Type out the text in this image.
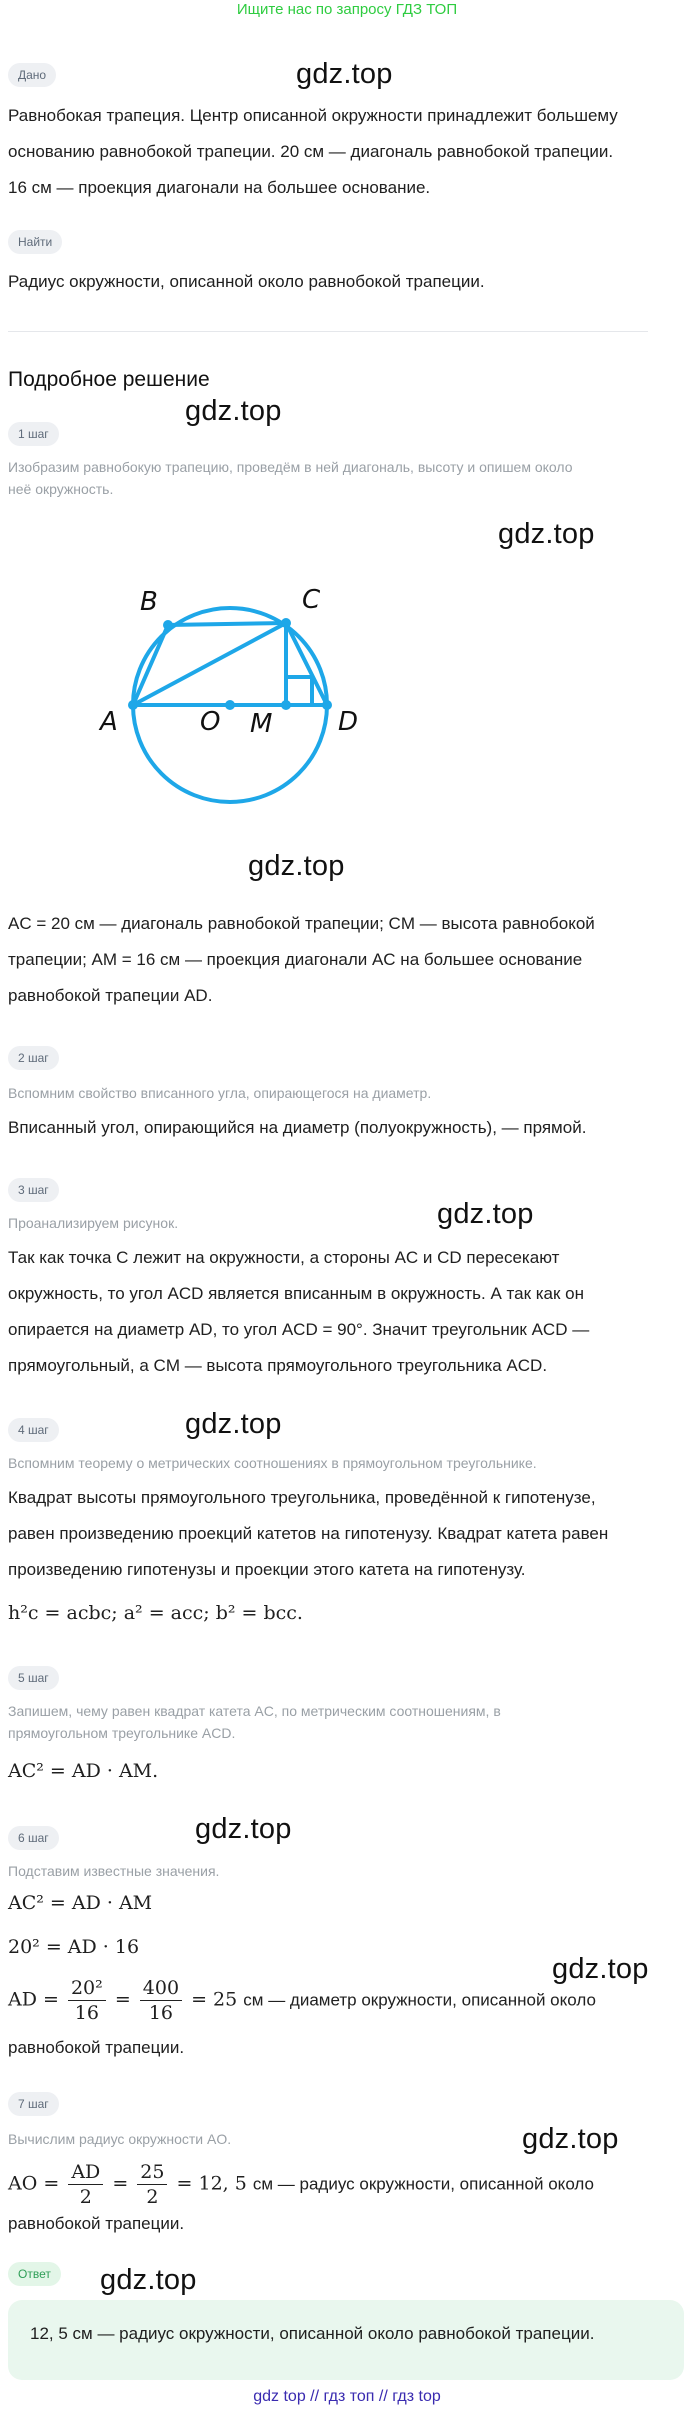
Ищите нас по запросу ГДЗ ТОП
Дано	gdz.top
Равнобокая трапеция. Центр описанной окружности принадлежит большему
основанию равнобокой трапеции. 20 см — диагональ равнобокой трапеции.
16 см — проекция диагонали на большее основание.
Найти
Радиус окружности, описанной около равнобокой трапеции.
Подробное решение
gdz.top
1 шаг
Изобразим равнобокую трапецию, проведём в ней диагональ, высоту и опишем около
неё окружность.
gdz.top
A
B	C
D
O M
gdz.top
AC = 20 см — диагональ равнобокой трапеции; CM — высота равнобокой
трапеции; AM = 16 см — проекция диагонали AC на большее основание
равнобокой трапеции AD.
2 шаг
Вспомним свойство вписанного угла, опирающегося на диаметр.
Вписанный угол, опирающийся на диаметр (полуокружность), — прямой.
3 шаг
Проанализируем рисунок.	gdz.top
Так как точка C лежит на окружности, а стороны AC и CD пересекают
окружность, то угол ACD является вписанным в окружность. А так как он
опирается на диаметр AD, то угол ACD = 90°. Значит треугольник ACD —
прямоугольный, а CM — высота прямоугольного треугольника ACD.
gdz.top
4 шаг
Вспомним теорему о метрических соотношениях в прямоугольном треугольнике.
Квадрат высоты прямоугольного треугольника, проведённой к гипотенузе,
равен произведению проекций катетов на гипотенузу. Квадрат катета равен
произведению гипотенузы и проекции этого катета на гипотенузу.
h²c = acbc; a² = acc; b² = bcc.
5 шаг
Запишем, чему равен квадрат катета AC, по метрическим соотношениям, в
прямоугольном треугольнике ACD.
AC² = AD · AM.
gdz.top
6 шаг
Подставим известные значения.
AC² = AD · AM
20² = AD · 16
gdz.top
AD = $\frac{\text{20²}}{16} = \frac{400}{16} = 25$ см — диаметр окружности, описанной около
равнобокой трапеции.
7 шаг
gdz.top
Вычислим радиус окружности AO.
AO = $\frac{AD}{2} = \frac{25}{2} = 12$, 5 см — радиус окружности, описанной около
равнобокой трапеции.
Ответ	gdz.top
12, 5 см — радиус окружности, описанной около равнобокой трапеции.
gdz top // гдз топ // гдз top
